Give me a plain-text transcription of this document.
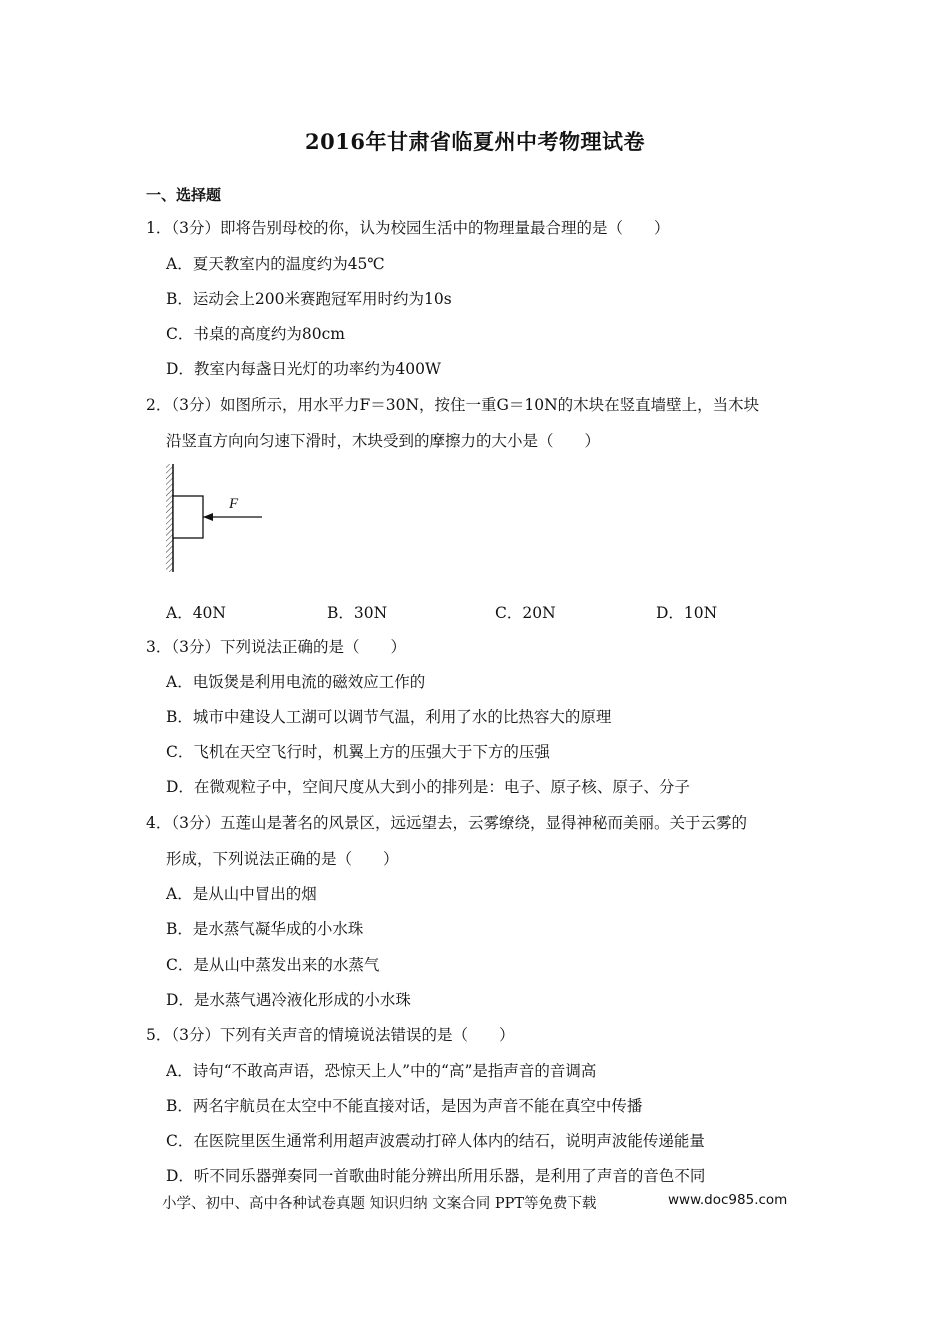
2016年甘肃省临夏州中考物理试卷
一、选择题
1．（3分）即将告别母校的你，认为校园生活中的物理量最合理的是（　　）
A．夏天教室内的温度约为45℃
B．运动会上200米赛跑冠军用时约为10s
C．书桌的高度约为80cm
D．教室内每盏日光灯的功率约为400W
2．（3分）如图所示，用水平力F＝30N，按住一重G＝10N的木块在竖直墙壁上，当木块
沿竖直方向向匀速下滑时，木块受到的摩擦力的大小是（　　）
F
A．40N	B．30N	C．20N	D．10N
3．（3分）下列说法正确的是（　　）
A．电饭煲是利用电流的磁效应工作的
B．城市中建设人工湖可以调节气温，利用了水的比热容大的原理
C．飞机在天空飞行时，机翼上方的压强大于下方的压强
D．在微观粒子中，空间尺度从大到小的排列是：电子、原子核、原子、分子
4．（3分）五莲山是著名的风景区，远远望去，云雾缭绕，显得神秘而美丽。关于云雾的
形成，下列说法正确的是（　　）
A．是从山中冒出的烟
B．是水蒸气凝华成的小水珠
C．是从山中蒸发出来的水蒸气
D．是水蒸气遇冷液化形成的小水珠
5．（3分）下列有关声音的情境说法错误的是（　　）
A．诗句“不敢高声语，恐惊天上人”中的“高”是指声音的音调高
B．两名宇航员在太空中不能直接对话，是因为声音不能在真空中传播
C．在医院里医生通常利用超声波震动打碎人体内的结石，说明声波能传递能量
D．听不同乐器弹奏同一首歌曲时能分辨出所用乐器，是利用了声音的音色不同
小学、初中、高中各种试卷真题 知识归纳 文案合同 PPT等免费下载	www.doc985.com
